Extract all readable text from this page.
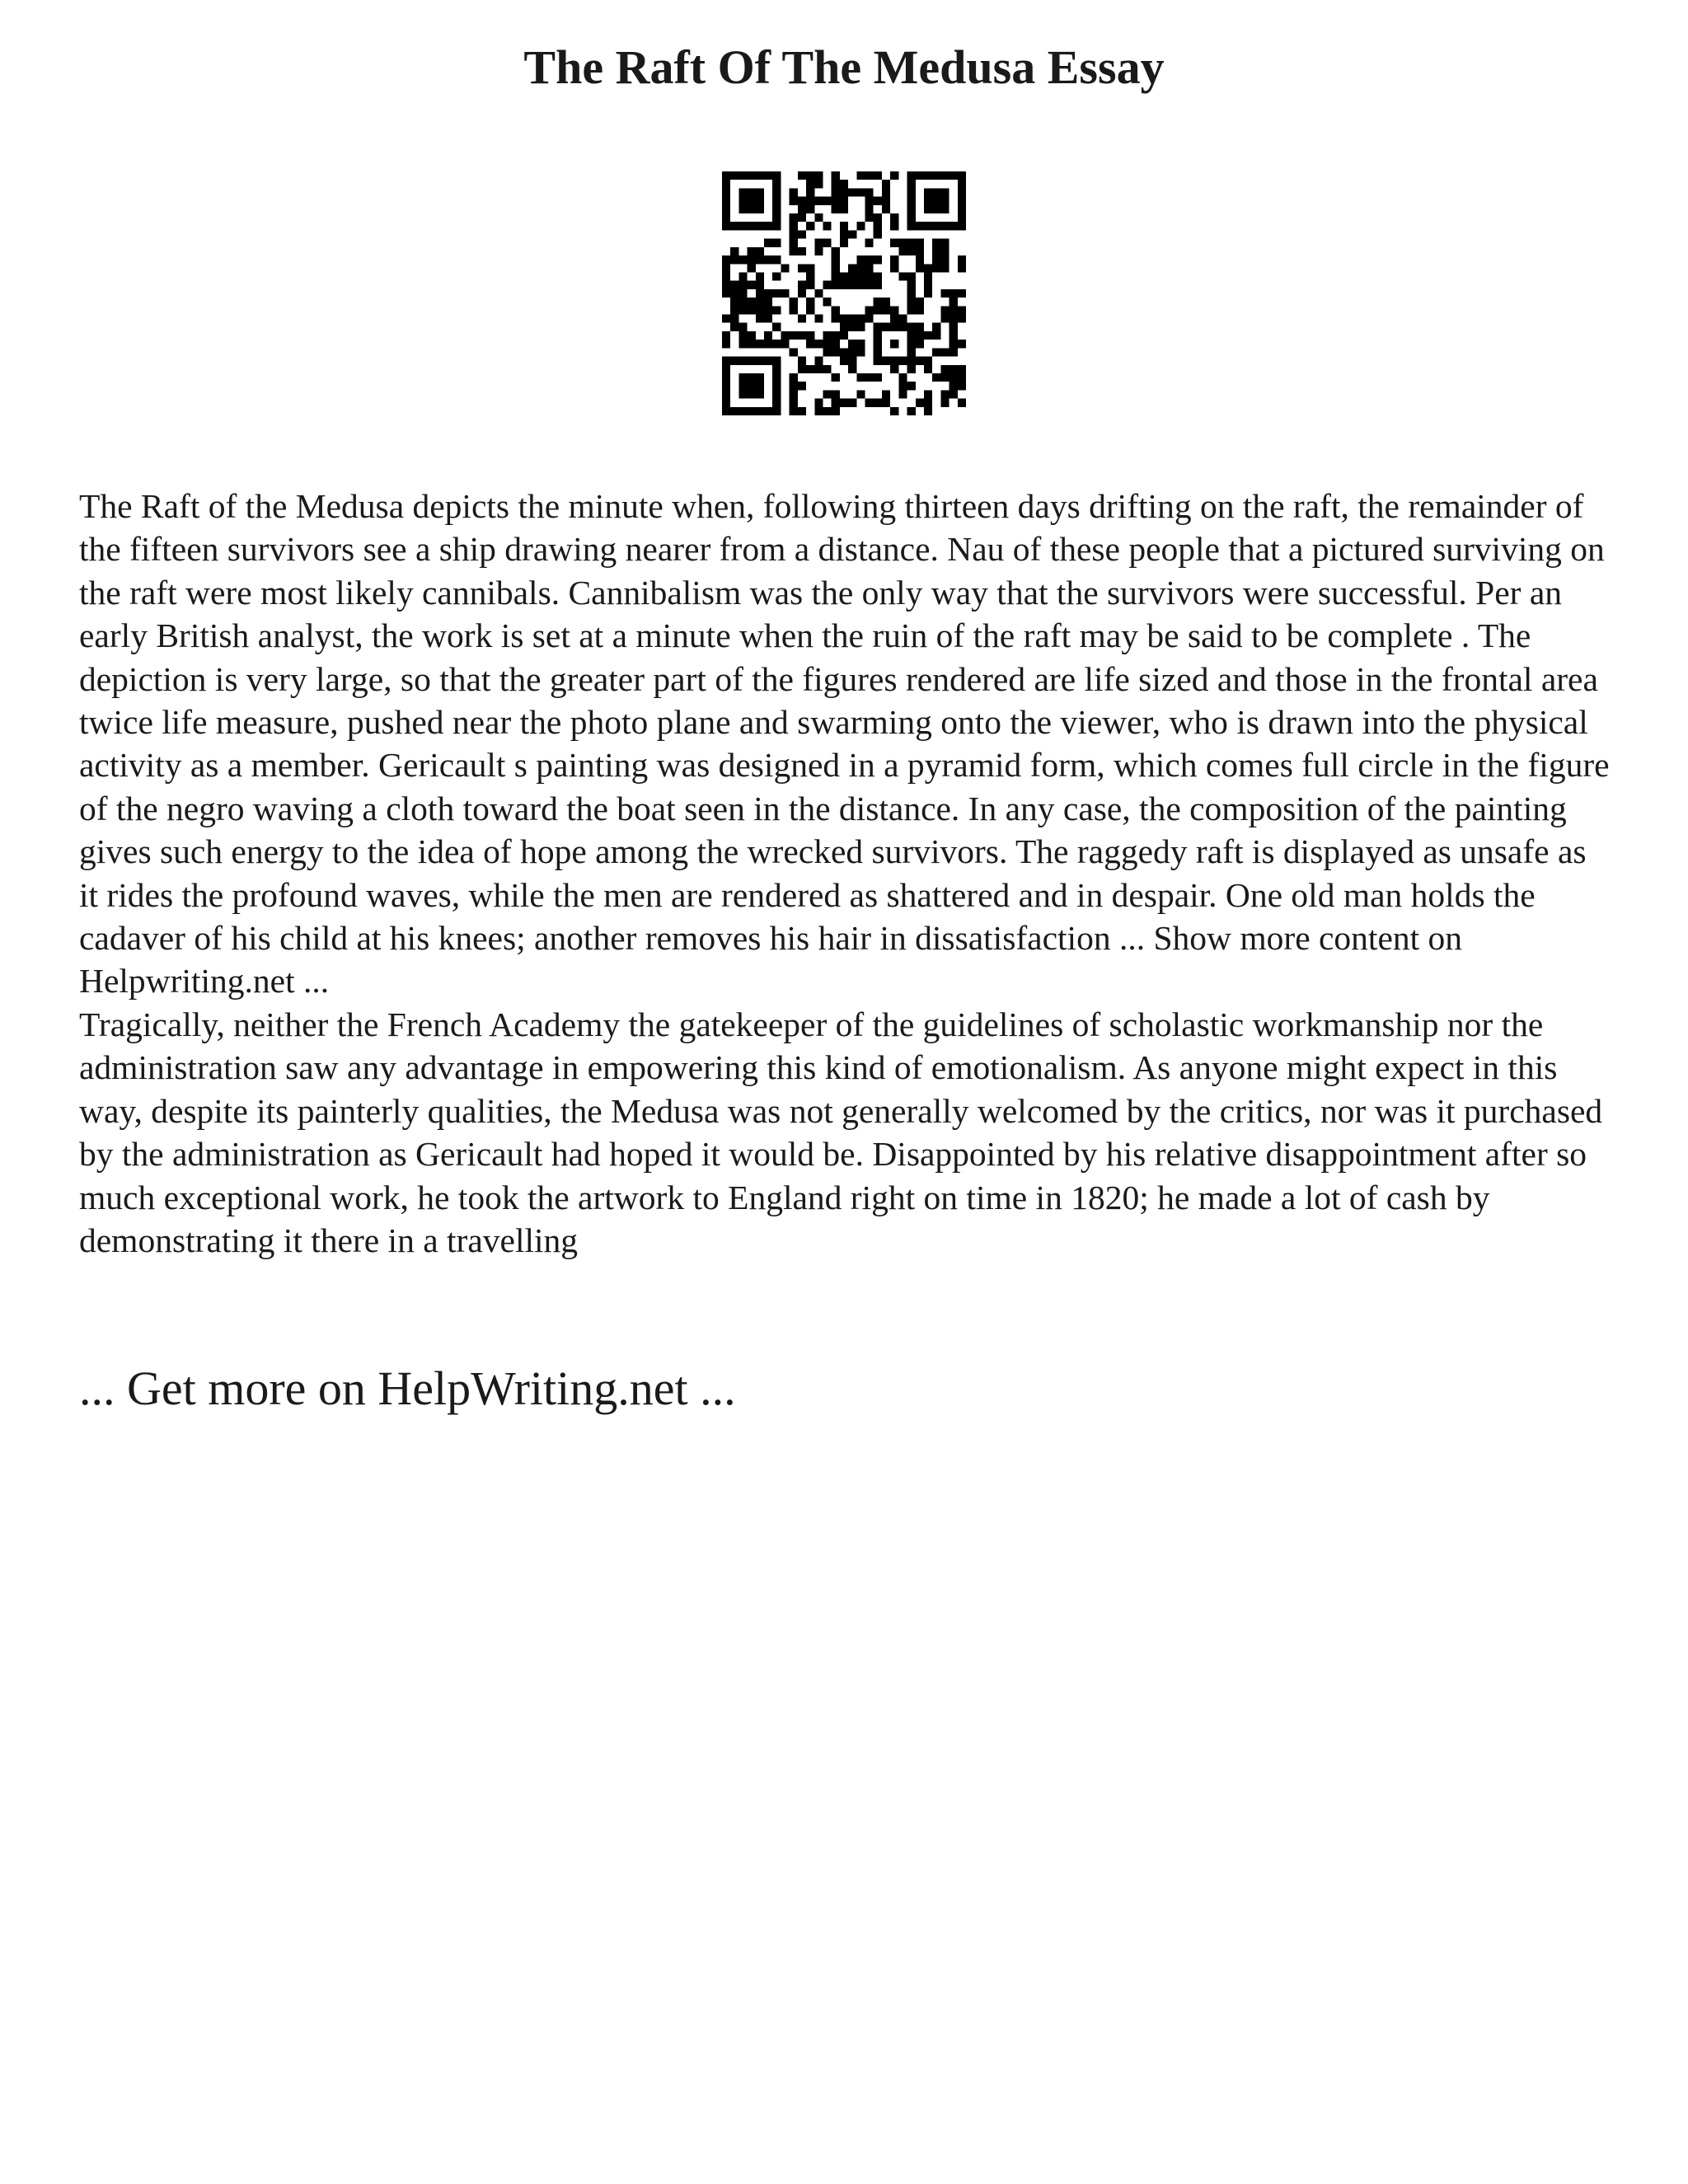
The Raft Of The Medusa Essay

The Raft of the Medusa depicts the minute when, following thirteen days drifting on the raft, the remainder of the fifteen survivors see a ship drawing nearer from a distance. Nau of these people that a pictured surviving on the raft were most likely cannibals. Cannibalism was the only way that the survivors were successful. Per an early British analyst, the work is set at a minute when the ruin of the raft may be said to be complete . The depiction is very large, so that the greater part of the figures rendered are life sized and those in the frontal area twice life measure, pushed near the photo plane and swarming onto the viewer, who is drawn into the physical activity as a member. Gericault s painting was designed in a pyramid form, which comes full circle in the figure of the negro waving a cloth toward the boat seen in the distance. In any case, the composition of the painting gives such energy to the idea of hope among the wrecked survivors. The raggedy raft is displayed as unsafe as it rides the profound waves, while the men are rendered as shattered and in despair. One old man holds the cadaver of his child at his knees; another removes his hair in dissatisfaction ... Show more content on Helpwriting.net ...

Tragically, neither the French Academy the gatekeeper of the guidelines of scholastic workmanship nor the administration saw any advantage in empowering this kind of emotionalism. As anyone might expect in this way, despite its painterly qualities, the Medusa was not generally welcomed by the critics, nor was it purchased by the administration as Gericault had hoped it would be. Disappointed by his relative disappointment after so much exceptional work, he took the artwork to England right on time in 1820; he made a lot of cash by demonstrating it there in a travelling

... Get more on HelpWriting.net ...
